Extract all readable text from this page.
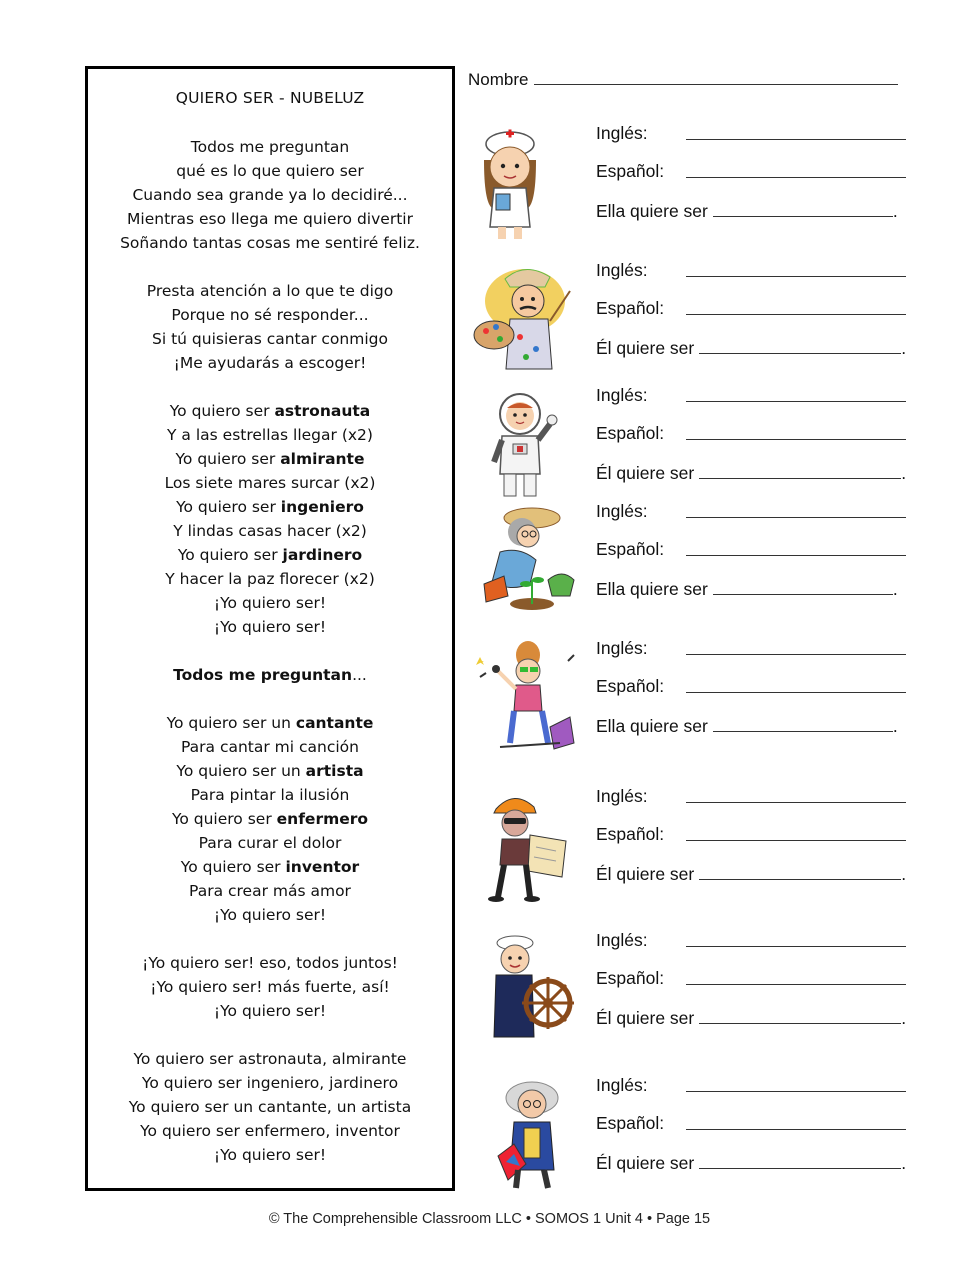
QUIERO SER - NUBELUZ
Todos me preguntan
qué es lo que quiero ser
Cuando sea grande ya lo decidiré...
Mientras eso llega me quiero divertir
Soñando tantas cosas me sentiré feliz.
Presta atención a lo que te digo
Porque no sé responder...
Si tú quisieras cantar conmigo
¡Me ayudarás a escoger!
Yo quiero ser astronauta
Y a las estrellas llegar (x2)
Yo quiero ser almirante
Los siete mares surcar (x2)
Yo quiero ser ingeniero
Y lindas casas hacer (x2)
Yo quiero ser jardinero
Y hacer la paz florecer (x2)
¡Yo quiero ser!
¡Yo quiero ser!
Todos me preguntan...
Yo quiero ser un cantante
Para cantar mi canción
Yo quiero ser un artista
Para pintar la ilusión
Yo quiero ser enfermero
Para curar el dolor
Yo quiero ser inventor
Para crear más amor
¡Yo quiero ser!
¡Yo quiero ser! eso, todos juntos!
¡Yo quiero ser! más fuerte, así!
¡Yo quiero ser!
Yo quiero ser astronauta, almirante
Yo quiero ser ingeniero, jardinero
Yo quiero ser un cantante, un artista
Yo quiero ser enfermero, inventor
¡Yo quiero ser!
Nombre
Inglés:
Español:
Ella quiere ser	.
Inglés:
Español:
Él quiere ser	.
Inglés:
Español:
Él quiere ser	.
Inglés:
Español:
Ella quiere ser	.
Inglés:
Español:
Ella quiere ser	.
Inglés:
Español:
Él quiere ser	.
Inglés:
Español:
Él quiere ser	.
Inglés:
Español:
Él quiere ser	.
© The Comprehensible Classroom LLC • SOMOS 1 Unit 4 • Page 15
